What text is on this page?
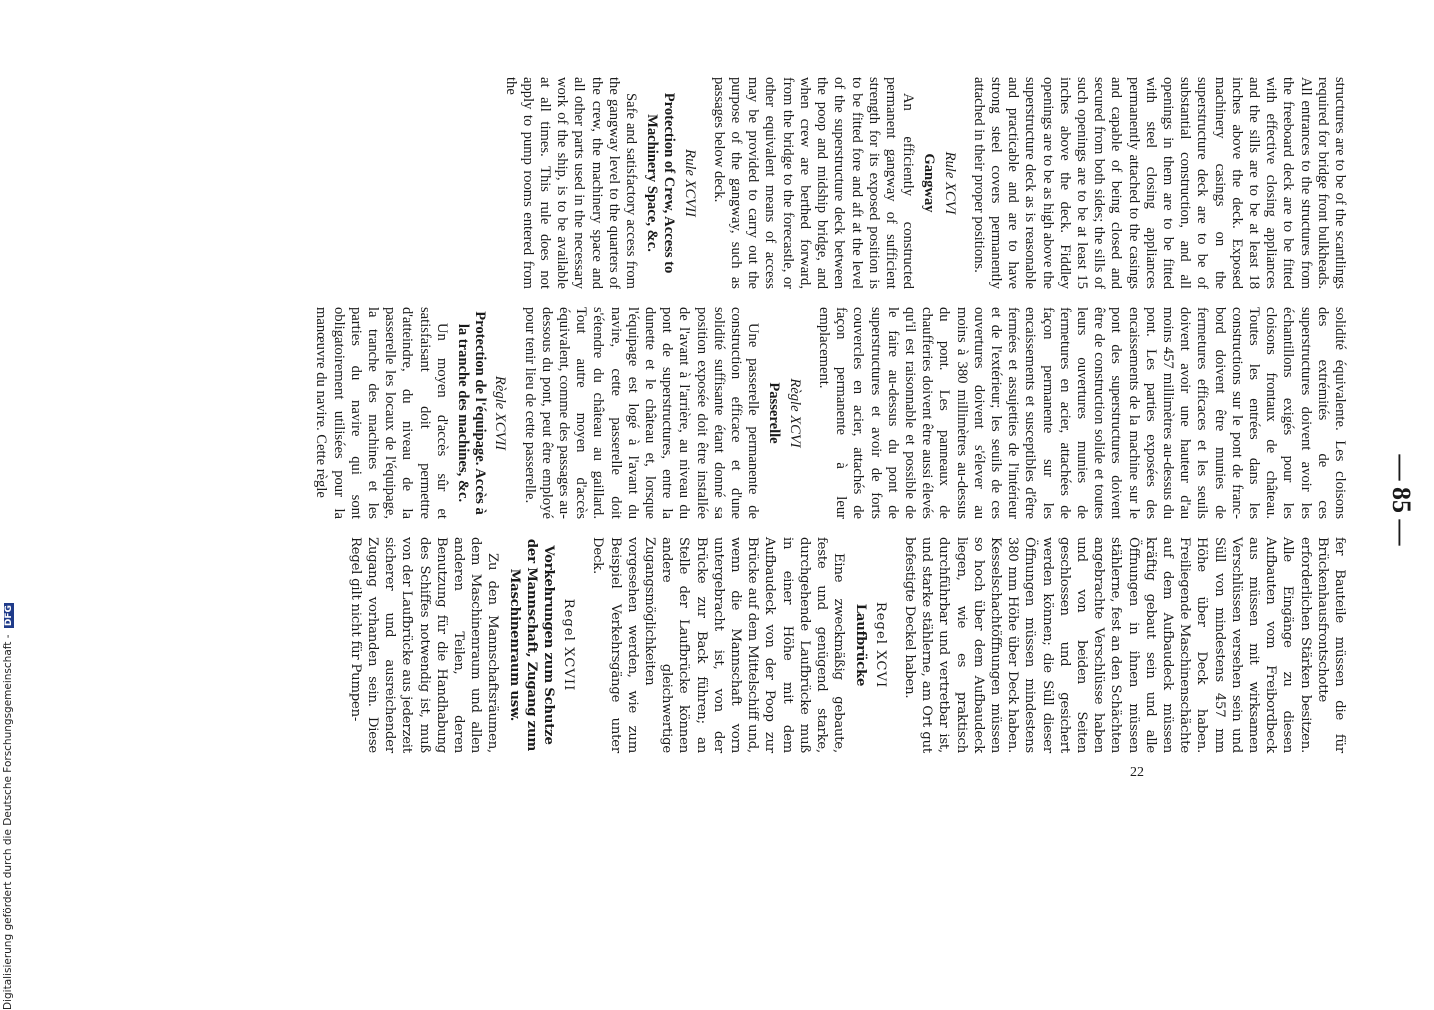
— 85 —

structures are to be of the scantlings required for bridge front bulkheads. All entrances to the structures from the freeboard deck are to be fitted with effective closing appliances and the sills are to be at least 18 inches above the deck. Exposed machinery casings on the superstructure deck are to be of substantial construction, and all openings in them are to be fitted with steel closing appliances permanently attached to the casings and capable of being closed and secured from both sides; the sills of such openings are to be at least 15 inches above the deck. Fiddley openings are to be as high above the superstructure deck as is reasonable and practicable and are to have strong steel covers permanently attached in their proper positions.

Rule XCVI
Gangway

An efficiently constructed permanent gangway of sufficient strength for its exposed position is to be fitted fore and aft at the level of the superstructure deck between the poop and midship bridge, and when crew are berthed forward, from the bridge to the forecastle, or other equivalent means of access may be provided to carry out the purpose of the gangway, such as passages below deck.

Rule XCVII
Protection of Crew, Access to Machinery Space, &c.

Safe and satisfactory access from the gangway level to the quarters of the crew, the machinery space and all other parts used in the necessary work of the ship, is to be available at all times. This rule does not apply to pump rooms entered from the

solidité équivalente. Les cloisons des extrémités de ces superstructures doivent avoir les échantillons exigés pour les cloisons frontaux de château. Toutes les entrées dans les constructions sur le pont de franc-bord doivent être munies de fermetures efficaces et les seuils doivent avoir une hauteur d'au moins 457 millimètres au-dessus du pont. Les parties exposées des encaissements de la machine sur le pont des superstructures doivent être de construction solide et toutes leurs ouvertures munies de fermetures en acier, attachées de façon permanente sur les encaissements et susceptibles d'être fermées et assujetties de l'intérieur et de l'extérieur; les seuils de ces ouvertures doivent s'élever au moins à 380 millimètres au-dessus du pont. Les panneaux de chaufferies doivent être aussi élevés qu'il est raisonnable et possible de le faire au-dessus du pont de superstructures et avoir de forts couvercles en acier, attachés de façon permanente à leur emplacement.

Règle XCVI
Passerelle

Une passerelle permanente de construction efficace et d'une solidité suffisante étant donné sa position exposée doit être installée de l'avant à l'arrière, au niveau du pont de superstructures, entre la dunette et le château et, lorsque l'équipage est logé à l'avant du navire, cette passerelle doit s'étendre du château au gaillard. Tout autre moyen d'accès équivalent, comme des passages au-dessous du pont, peut être employé pour tenir lieu de cette passerelle.

Règle XCVII
Protection de l'équipage. Accès à la tranche des machines, &c.

Un moyen d'accès sûr et satisfaisant doit permettre d'atteindre, du niveau de la passerelle les locaux de l'équipage, la tranche des machines et les parties du navire qui sont obligatoirement utilisées pour la manœuvre du navire. Cette règle

fer Bauteile müssen die für Brückenhausfrontschotte erforderlichen Stärken besitzen. Alle Eingänge zu diesen Aufbauten vom Freibordbeck aus müssen mit wirksamen Verschlüssen versehen sein und Süll von mindestens 457 mm Höhe über Deck haben. Freiliegende Maschinenschächte auf dem Aufbaudeck müssen kräftig gebaut sein und alle Öffnungen in ihnen müssen stählerne, fest an den Schächten angebrachte Verschlüsse haben und von beiden Seiten geschlossen und gesichert werden können; die Süll dieser Öffnungen müssen mindestens 380 mm Höhe über Deck haben. Kesselschachtöffnungen müssen so hoch über dem Aufbaudeck liegen, wie es praktisch durchführbar und vertretbar ist, und starke stählerne, am Ort gut befestigte Deckel haben.

Regel XCVI
Laufbrücke

Eine zweckmäßig gebaute, feste und genügend starke, durchgehende Laufbrücke muß in einer Höhe mit dem Aufbaudeck von der Poop zur Brücke auf dem Mittelschiff und, wenn die Mannschaft vorn untergebracht ist, von der Brücke zur Back führen; an Stelle der Laufbrücke können andere gleichwertige Zugangsmöglichkeiten vorgesehen werden, wie zum Beispiel Verkehrsgänge unter Deck.

Regel XCVII
Vorkehrungen zum Schutze der Mannschaft, Zugang zum Maschinenraum usw.

Zu den Mannschaftsräumen, dem Maschinenraum und allen anderen Teilen, deren Benutzung für die Handhabung des Schiffes notwendig ist, muß von der Laufbrücke aus jederzeit sicherer und ausreichender Zugang vorhanden sein. Diese Regel gilt nicht für Pumpen-

22
Digitalisierung gefördert durch die Deutsche Forschungsgemeinschaft - DFG
